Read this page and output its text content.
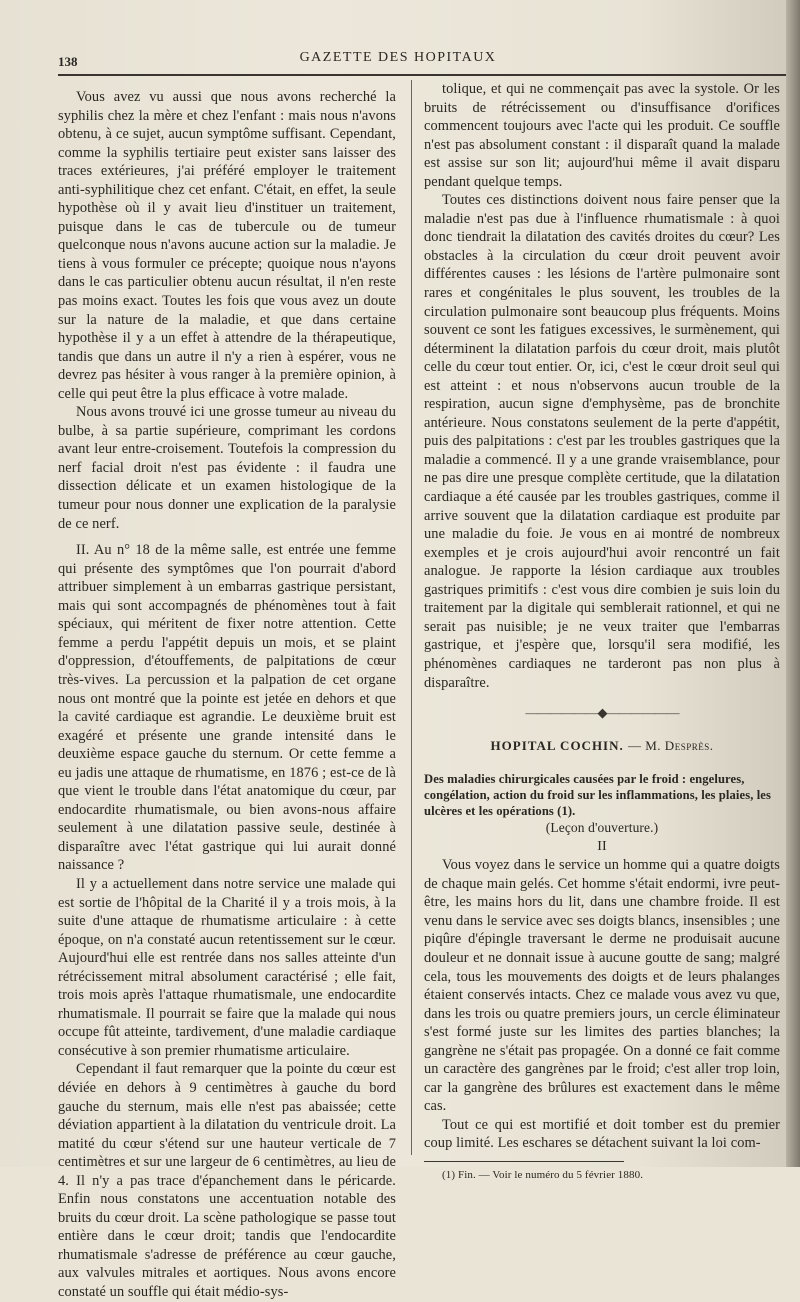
138	GAZETTE DES HOPITAUX

Vous avez vu aussi que nous avons recherché la syphilis chez la mère et chez l'enfant : mais nous n'avons obtenu, à ce sujet, aucun symptôme suffisant. Cependant, comme la syphilis tertiaire peut exister sans laisser des traces extérieures, j'ai préféré employer le traitement anti-syphilitique chez cet enfant. C'était, en effet, la seule hypothèse où il y avait lieu d'instituer un traitement, puisque dans le cas de tubercule ou de tumeur quelconque nous n'avons aucune action sur la maladie. Je tiens à vous formuler ce précepte; quoique nous n'ayons dans le cas particulier obtenu aucun résultat, il n'en reste pas moins exact. Toutes les fois que vous avez un doute sur la nature de la maladie, et que dans certaine hypothèse il y a un effet à attendre de la thérapeutique, tandis que dans un autre il n'y a rien à espérer, vous ne devrez pas hésiter à vous ranger à la première opinion, à celle qui peut être la plus efficace à votre malade.

Nous avons trouvé ici une grosse tumeur au niveau du bulbe, à sa partie supérieure, comprimant les cordons avant leur entre-croisement. Toutefois la compression du nerf facial droit n'est pas évidente : il faudra une dissection délicate et un examen histologique de la tumeur pour nous donner une explication de la paralysie de ce nerf.

II. Au n° 18 de la même salle, est entrée une femme qui présente des symptômes que l'on pourrait d'abord attribuer simplement à un embarras gastrique persistant, mais qui sont accompagnés de phénomènes tout à fait spéciaux, qui méritent de fixer notre attention. Cette femme a perdu l'appétit depuis un mois, et se plaint d'oppression, d'étouffements, de palpitations de cœur très-vives. La percussion et la palpation de cet organe nous ont montré que la pointe est jetée en dehors et que la cavité cardiaque est agrandie. Le deuxième bruit est exagéré et présente une grande intensité dans le deuxième espace gauche du sternum. Or cette femme a eu jadis une attaque de rhumatisme, en 1876 ; est-ce de là que vient le trouble dans l'état anatomique du cœur, par endocardite rhumatismale, ou bien avons-nous affaire seulement à une dilatation passive seule, destinée à disparaître avec l'état gastrique qui lui aurait donné naissance ?

Il y a actuellement dans notre service une malade qui est sortie de l'hôpital de la Charité il y a trois mois, à la suite d'une attaque de rhumatisme articulaire : à cette époque, on n'a constaté aucun retentissement sur le cœur. Aujourd'hui elle est rentrée dans nos salles atteinte d'un rétrécissement mitral absolument caractérisé ; elle fait, trois mois après l'attaque rhumatismale, une endocardite rhumatismale. Il pourrait se faire que la malade qui nous occupe fût atteinte, tardivement, d'une maladie cardiaque consécutive à son premier rhumatisme articulaire.

Cependant il faut remarquer que la pointe du cœur est déviée en dehors à 9 centimètres à gauche du bord gauche du sternum, mais elle n'est pas abaissée; cette déviation appartient à la dilatation du ventricule droit. La matité du cœur s'étend sur une hauteur verticale de 7 centimètres et sur une largeur de 6 centimètres, au lieu de 4. Il n'y a pas trace d'épanchement dans le péricarde. Enfin nous constatons une accentuation notable des bruits du cœur droit. La scène pathologique se passe tout entière dans le cœur droit; tandis que l'endocardite rhumatismale s'adresse de préférence au cœur gauche, aux valvules mitrales et aortiques. Nous avons encore constaté un souffle qui était médio-sys-

tolique, et qui ne commençait pas avec la systole. Or les bruits de rétrécissement ou d'insuffisance d'orifices commencent toujours avec l'acte qui les produit. Ce souffle n'est pas absolument constant : il disparaît quand la malade est assise sur son lit; aujourd'hui même il avait disparu pendant quelque temps.

Toutes ces distinctions doivent nous faire penser que la maladie n'est pas due à l'influence rhumatismale : à quoi donc tiendrait la dilatation des cavités droites du cœur? Les obstacles à la circulation du cœur droit peuvent avoir différentes causes : les lésions de l'artère pulmonaire sont rares et congénitales le plus souvent, les troubles de la circulation pulmonaire sont beaucoup plus fréquents. Moins souvent ce sont les fatigues excessives, le surmènement, qui déterminent la dilatation parfois du cœur droit, mais plutôt celle du cœur tout entier. Or, ici, c'est le cœur droit seul qui est atteint : et nous n'observons aucun trouble de la respiration, aucun signe d'emphysème, pas de bronchite antérieure. Nous constatons seulement de la perte d'appétit, puis des palpitations : c'est par les troubles gastriques que la maladie a commencé. Il y a une grande vraisemblance, pour ne pas dire une presque complète certitude, que la dilatation cardiaque a été causée par les troubles gastriques, comme il arrive souvent que la dilatation cardiaque est produite par une maladie du foie. Je vous en ai montré de nombreux exemples et je crois aujourd'hui avoir rencontré un fait analogue. Je rapporte la lésion cardiaque aux troubles gastriques primitifs : c'est vous dire combien je suis loin du traitement par la digitale qui semblerait rationnel, et qui ne serait pas nuisible; je ne veux traiter que l'embarras gastrique, et j'espère que, lorsqu'il sera modifié, les phénomènes cardiaques ne tarderont pas non plus à disparaître.

——————◆——————
HOPITAL COCHIN. — M. Desprès.

Des maladies chirurgicales causées par le froid : engelures, congélation, action du froid sur les inflammations, les plaies, les ulcères et les opérations (1).

(Leçon d'ouverture.)

II

Vous voyez dans le service un homme qui a quatre doigts de chaque main gelés. Cet homme s'était endormi, ivre peut-être, les mains hors du lit, dans une chambre froide. Il est venu dans le service avec ses doigts blancs, insensibles ; une piqûre d'épingle traversant le derme ne produisait aucune douleur et ne donnait issue à aucune goutte de sang; malgré cela, tous les mouvements des doigts et de leurs phalanges étaient conservés intacts. Chez ce malade vous avez vu que, dans les trois ou quatre premiers jours, un cercle éliminateur s'est formé juste sur les limites des parties blanches; la gangrène ne s'était pas propagée. On a donné ce fait comme un caractère des gangrènes par le froid; c'est aller trop loin, car la gangrène des brûlures est exactement dans le même cas.

Tout ce qui est mortifié et doit tomber est du premier coup limité. Les eschares se détachent suivant la loi com-

(1) Fin. — Voir le numéro du 5 février 1880.
